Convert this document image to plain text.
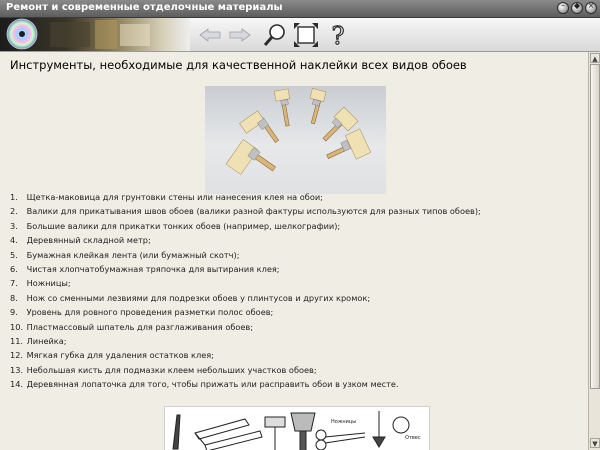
Ремонт и современные отделочные материалы	–	◆ ×
?
Инструменты, необходимые для качественной наклейки всех видов обоев
1. Щетка-маковица для грунтовки стены или нанесения клея на обои;
2. Валики для прикатывания швов обоев (валики разной фактуры используются для разных типов обоев);
3. Большие валики для прикатки тонких обоев (например, шелкографии);
4. Деревянный складной метр;
5. Бумажная клейкая лента (или бумажный скотч);
6. Чистая хлопчатобумажная тряпочка для вытирания клея;
7. Ножницы;
8. Нож со сменными лезвиями для подрезки обоев у плинтусов и других кромок;
9. Уровень для ровного проведения разметки полос обоев;
10. Пластмассовый шпатель для разглаживания обоев;
11. Линейка;
12. Мягкая губка для удаления остатков клея;
13. Небольшая кисть для подмазки клеем небольших участков обоев;
14. Деревянная лопаточка для того, чтобы прижать или расправить обои в узком месте.
Ножницы
Отвес
▲
▼
